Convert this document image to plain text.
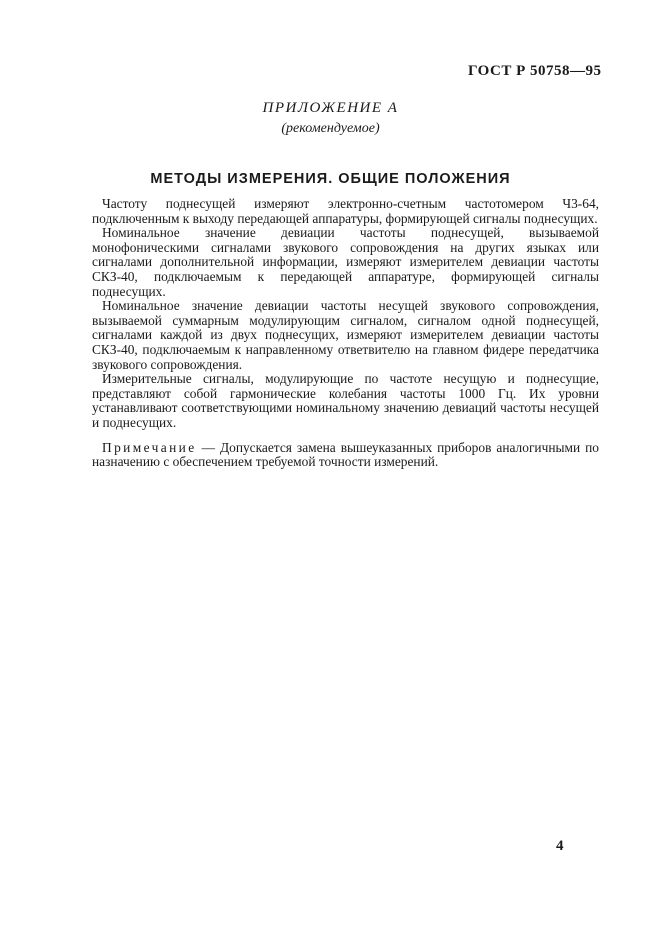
ГОСТ Р 50758—95
ПРИЛОЖЕНИЕ А
(рекомендуемое)
МЕТОДЫ ИЗМЕРЕНИЯ. ОБЩИЕ ПОЛОЖЕНИЯ

Частоту поднесущей измеряют электронно-счетным частотомером Ч3-64, подключенным к выходу передающей аппаратуры, формирующей сигналы поднесущих.

Номинальное значение девиации частоты поднесущей, вызываемой монофоническими сигналами звукового сопровождения на других языках или сигналами дополнительной информации, измеряют измерителем девиации частоты СКЗ-40, подключаемым к передающей аппаратуре, формирующей сигналы поднесущих.

Номинальное значение девиации частоты несущей звукового сопровождения, вызываемой суммарным модулирующим сигналом, сигналом одной поднесущей, сигналами каждой из двух поднесущих, измеряют измерителем девиации частоты СКЗ-40, подключаемым к направленному ответвителю на главном фидере передатчика звукового сопровождения.

Измерительные сигналы, модулирующие по частоте несущую и поднесущие, представляют собой гармонические колебания частоты 1000 Гц. Их уровни устанавливают соответствующими номинальному значению девиаций частоты несущей и поднесущих.

Примечание — Допускается замена вышеуказанных приборов аналогичными по назначению с обеспечением требуемой точности измерений.

4
